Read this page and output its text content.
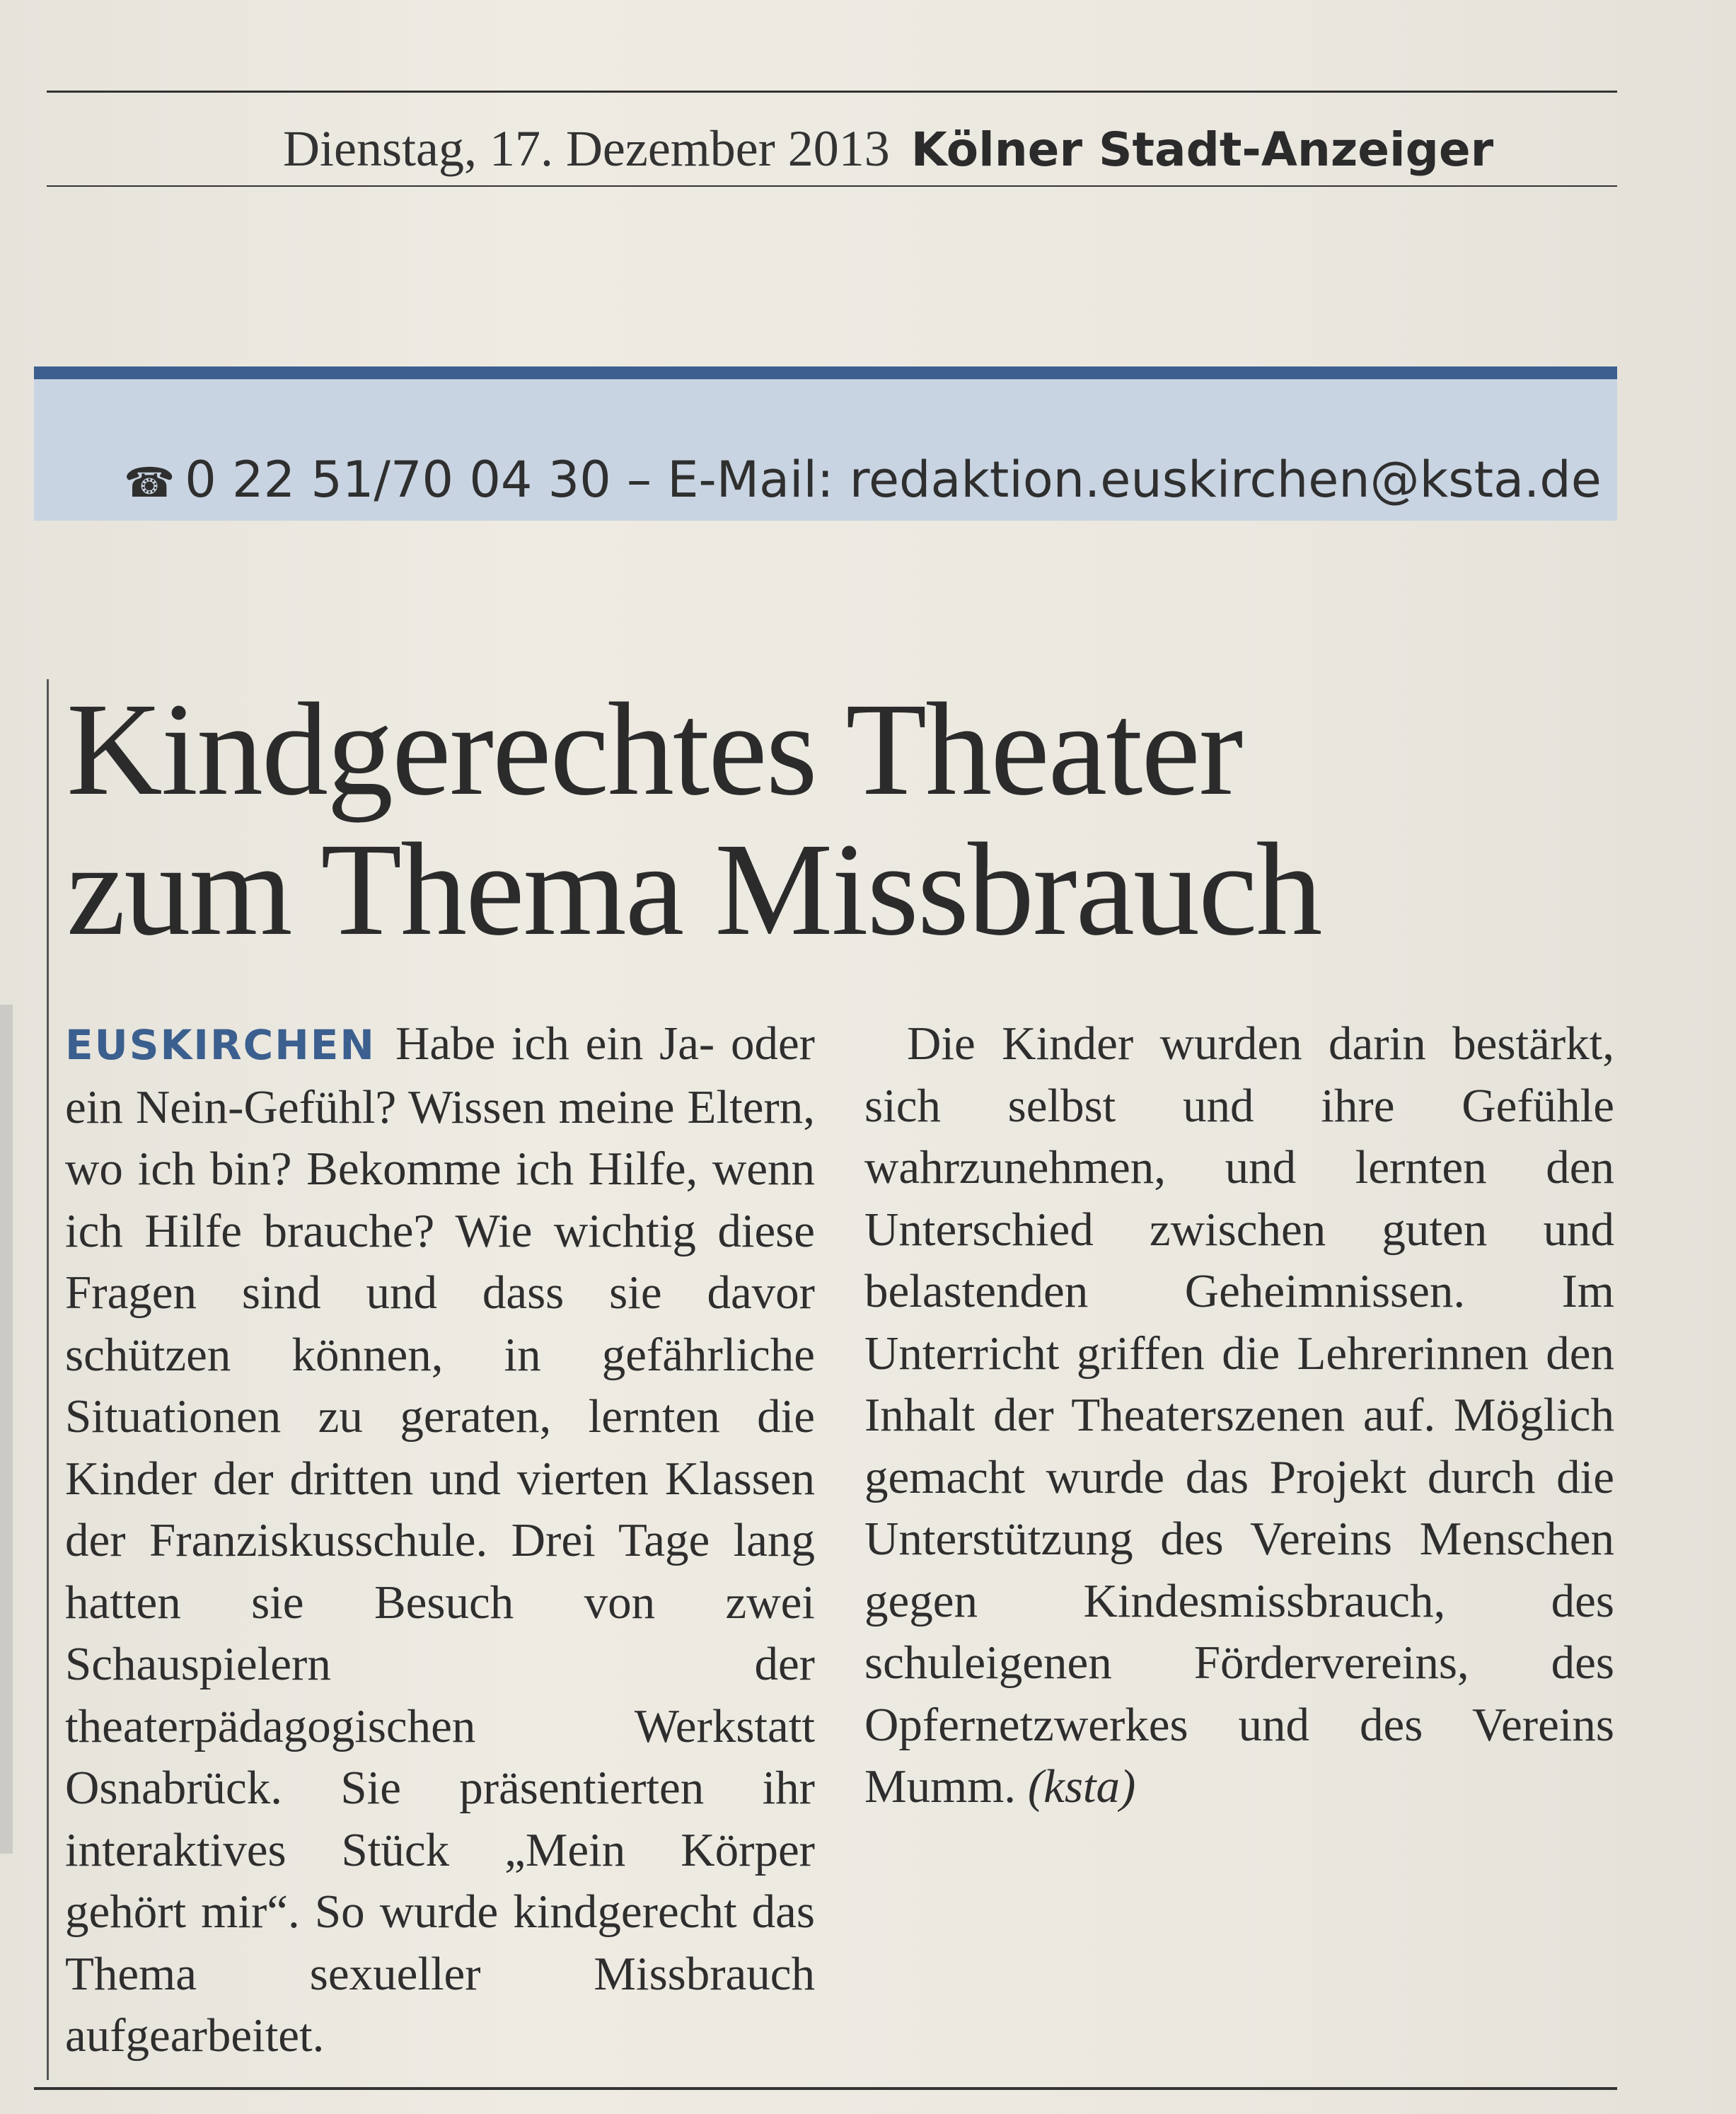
Dienstag, 17. Dezember 2013 Kölner Stadt-Anzeiger
☎ 0 22 51/70 04 30 – E-Mail: redaktion.euskirchen@ksta.de
Kindgerechtes Theater
zum Thema Missbrauch

EUSKIRCHEN Habe ich ein Ja- oder ein Nein-Gefühl? Wissen meine Eltern, wo ich bin? Bekomme ich Hilfe, wenn ich Hilfe brauche? Wie wichtig diese Fragen sind und dass sie davor schützen können, in gefährliche Situationen zu geraten, lernten die Kinder der dritten und vierten Klassen der Franziskusschule. Drei Tage lang hatten sie Besuch von zwei Schauspielern der theaterpädagogischen Werkstatt Osnabrück. Sie präsentierten ihr interaktives Stück „Mein Körper gehört mir“. So wurde kindgerecht das Thema sexueller Missbrauch aufgearbeitet.

Die Kinder wurden darin bestärkt, sich selbst und ihre Gefühle wahrzunehmen, und lernten den Unterschied zwischen guten und belastenden Geheimnissen. Im Unterricht griffen die Lehrerinnen den Inhalt der Theaterszenen auf. Möglich gemacht wurde das Projekt durch die Unterstützung des Vereins Menschen gegen Kindesmissbrauch, des schuleigenen Fördervereins, des Opfernetzwerkes und des Vereins Mumm. (ksta)
